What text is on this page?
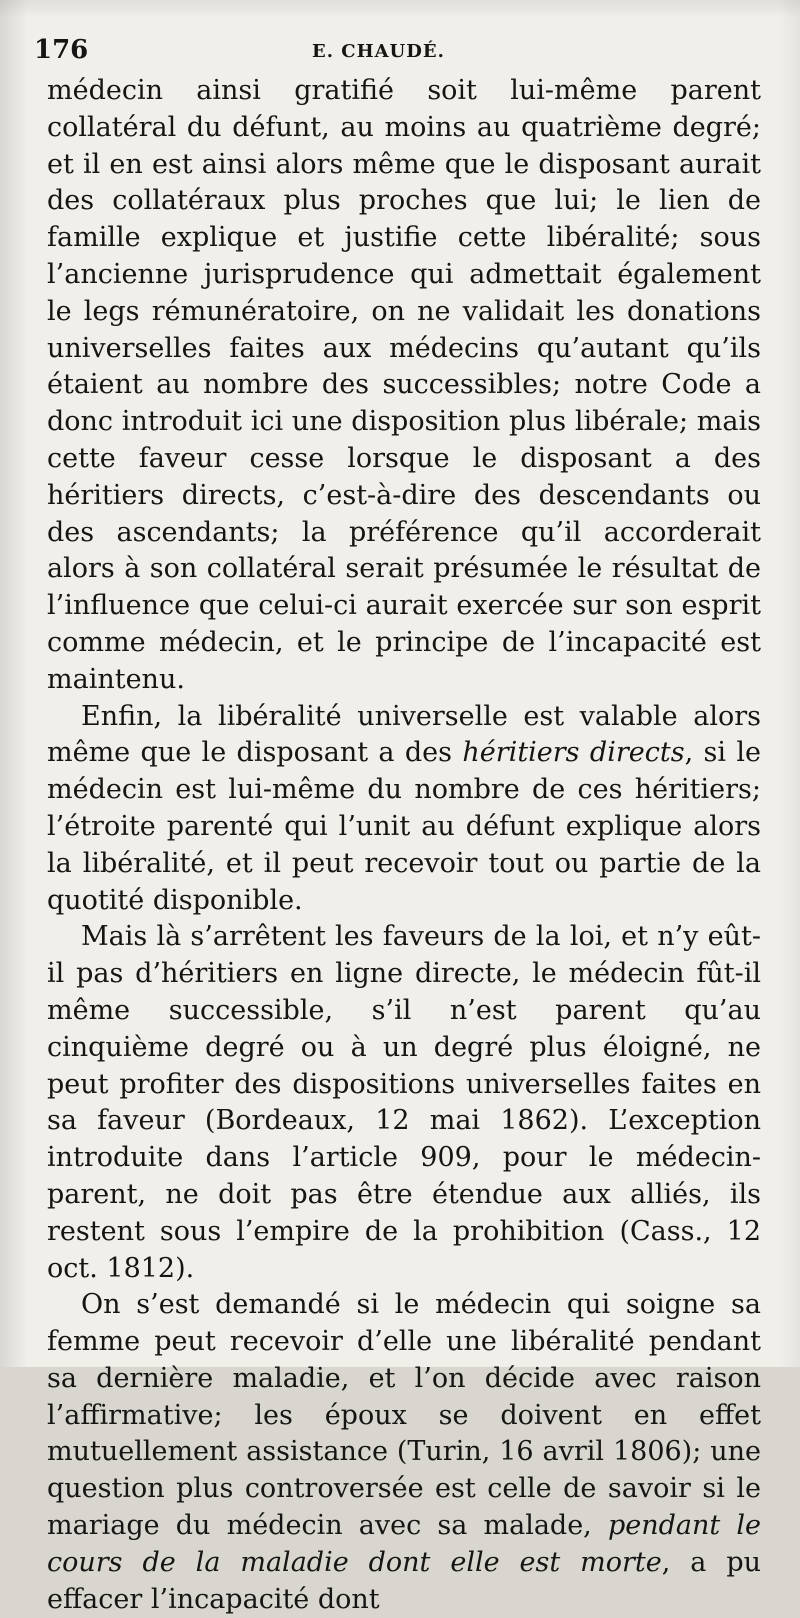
176	E. CHAUDÉ.

médecin ainsi gratifié soit lui-même parent collatéral du défunt, au moins au quatrième degré; et il en est ainsi alors même que le disposant aurait des collatéraux plus proches que lui; le lien de famille explique et justifie cette libéralité; sous l’ancienne jurisprudence qui admettait également le legs rémunératoire, on ne validait les donations universelles faites aux médecins qu’autant qu’ils étaient au nombre des successibles; notre Code a donc introduit ici une disposition plus libérale; mais cette faveur cesse lorsque le disposant a des héritiers directs, c’est-à-dire des descendants ou des ascendants; la préférence qu’il accorderait alors à son collatéral serait présumée le résultat de l’influence que celui-ci aurait exercée sur son esprit comme médecin, et le principe de l’incapacité est maintenu.

Enfin, la libéralité universelle est valable alors même que le disposant a des héritiers directs, si le médecin est lui-même du nombre de ces héritiers; l’étroite parenté qui l’unit au défunt explique alors la libéralité, et il peut recevoir tout ou partie de la quotité disponible.

Mais là s’arrêtent les faveurs de la loi, et n’y eût-il pas d’héritiers en ligne directe, le médecin fût-il même successible, s’il n’est parent qu’au cinquième degré ou à un degré plus éloigné, ne peut profiter des dispositions universelles faites en sa faveur (Bordeaux, 12 mai 1862). L’exception introduite dans l’article 909, pour le médecin-parent, ne doit pas être étendue aux alliés, ils restent sous l’empire de la prohibition (Cass., 12 oct. 1812).

On s’est demandé si le médecin qui soigne sa femme peut recevoir d’elle une libéralité pendant sa dernière maladie, et l’on décide avec raison l’affirmative; les époux se doivent en effet mutuellement assistance (Turin, 16 avril 1806); une question plus controversée est celle de savoir si le mariage du médecin avec sa malade, pendant le cours de la maladie dont elle est morte, a pu effacer l’incapacité dont
